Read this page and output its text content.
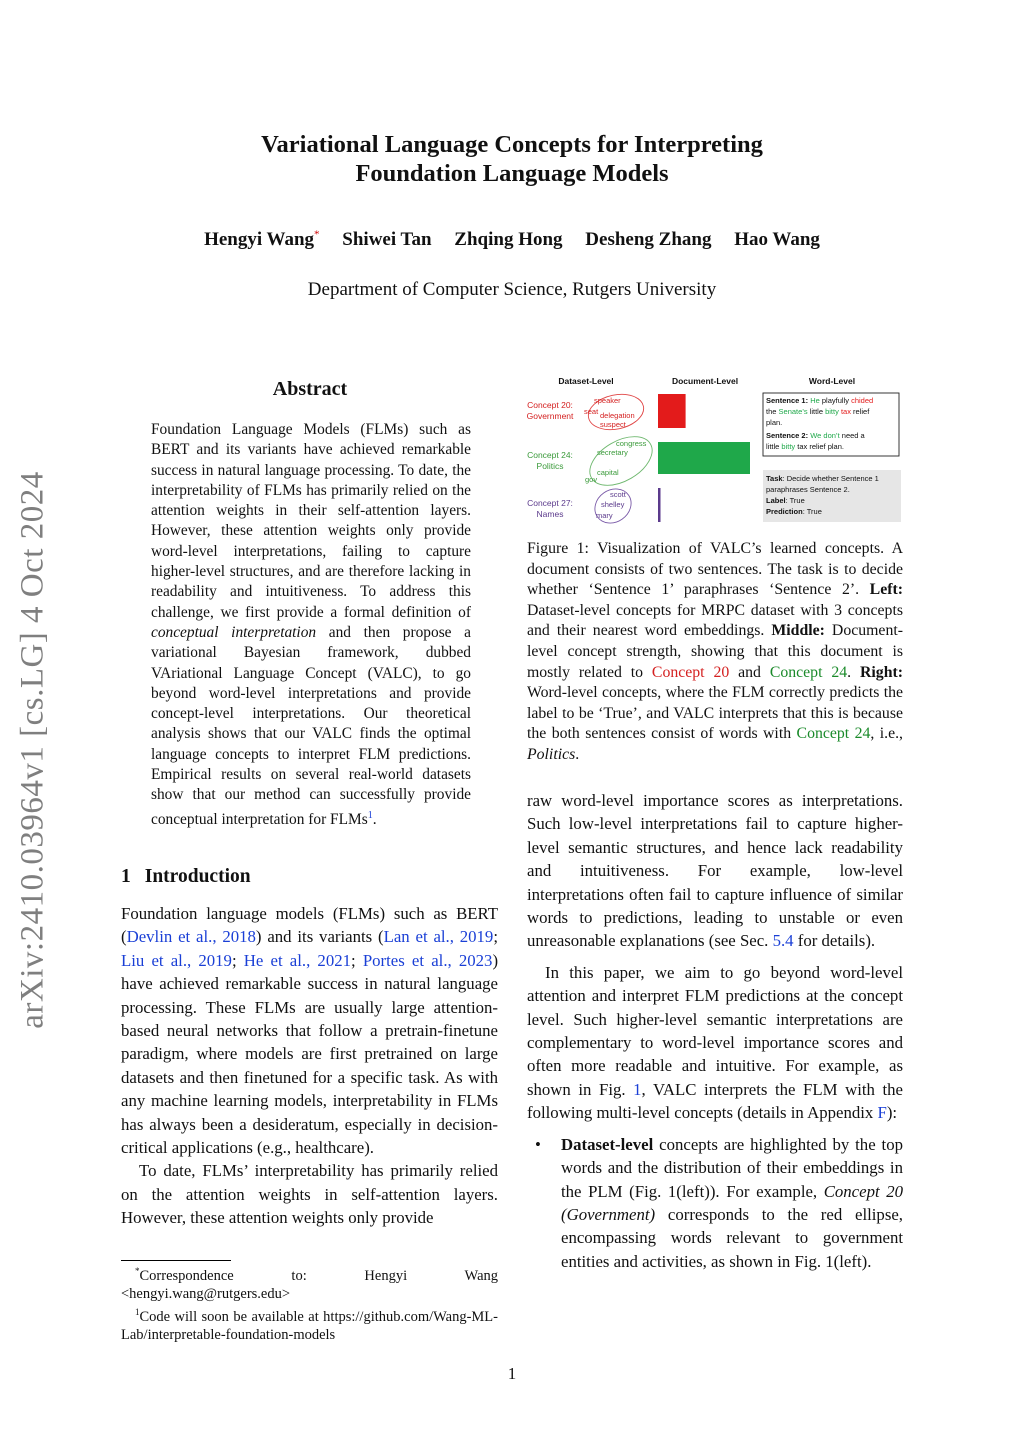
arXiv:2410.03964v1 [cs.LG] 4 Oct 2024
Variational Language Concepts for Interpreting
Foundation Language Models
Hengyi Wang* Shiwei Tan Zhqing Hong Desheng Zhang Hao Wang
Department of Computer Science, Rutgers University
Abstract
Foundation Language Models (FLMs) such as BERT and its variants have achieved remarkable success in natural language processing. To date, the interpretability of FLMs has primarily relied on the attention weights in their self-attention layers. However, these attention weights only provide word-level interpretations, failing to capture higher-level structures, and are therefore lacking in readability and intuitiveness. To address this challenge, we first provide a formal definition of conceptual interpretation and then propose a variational Bayesian framework, dubbed VAriational Language Concept (VALC), to go beyond word-level interpretations and provide concept-level interpretations. Our theoretical analysis shows that our VALC finds the optimal language concepts to interpret FLM predictions. Empirical results on several real-world datasets show that our method can successfully provide conceptual interpretation for FLMs$^1$.
1 Introduction

Foundation language models (FLMs) such as BERT (Devlin et al., 2018) and its variants (Lan et al., 2019; Liu et al., 2019; He et al., 2021; Portes et al., 2023) have achieved remarkable success in natural language processing. These FLMs are usually large attention-based neural networks that follow a pretrain-finetune paradigm, where models are first pretrained on large datasets and then finetuned for a specific task. As with any machine learning models, interpretability in FLMs has always been a desideratum, especially in decision-critical applications (e.g., healthcare).

To date, FLMs’ interpretability has primarily relied on the attention weights in self-attention layers. However, these attention weights only provide

*Correspondence to: Hengyi Wang <hengyi.wang@rutgers.edu>

$^1$Code will soon be available at https://github.com/Wang-ML-Lab/interpretable-foundation-models

Dataset-Level	Document-Level	Word-Level
Concept 20:
Government
Concept 24:
Politics
Concept 27:
Names
speaker
seat delegation
suspect
congress
secretary
capital
gov
scott
shelley
mary
Sentence 1: He playfully chided
the Senate’s little bitty tax relief
plan.
Sentence 2: We don’t need a
little bitty tax relief plan.
Task: Decide whether Sentence 1
paraphrases Sentence 2.
Label: True
Prediction: True
Figure 1: Visualization of VALC’s learned concepts. A document consists of two sentences. The task is to decide whether ‘Sentence 1’ paraphrases ‘Sentence 2’. Left: Dataset-level concepts for MRPC dataset with 3 concepts and their nearest word embeddings. Middle: Document-level concept strength, showing that this document is mostly related to Concept 20 and Concept 24. Right: Word-level concepts, where the FLM correctly predicts the label to be ‘True’, and VALC interprets that this is because the both sentences consist of words with Concept 24, i.e., Politics.

raw word-level importance scores as interpretations. Such low-level interpretations fail to capture higher-level semantic structures, and hence lack readability and intuitiveness. For example, low-level interpretations often fail to capture influence of similar words to predictions, leading to unstable or even unreasonable explanations (see Sec. 5.4 for details).

In this paper, we aim to go beyond word-level attention and interpret FLM predictions at the concept level. Such higher-level semantic interpretations are complementary to word-level importance scores and often more readable and intuitive. For example, as shown in Fig. 1, VALC interprets the FLM with the following multi-level concepts (details in Appendix F):

•	Dataset-level concepts are highlighted by the top words and the distribution of their embeddings in the PLM (Fig. 1(left)). For example, Concept 20 (Government) corresponds to the red ellipse, encompassing words relevant to government entities and activities, as shown in Fig. 1(left).
1
